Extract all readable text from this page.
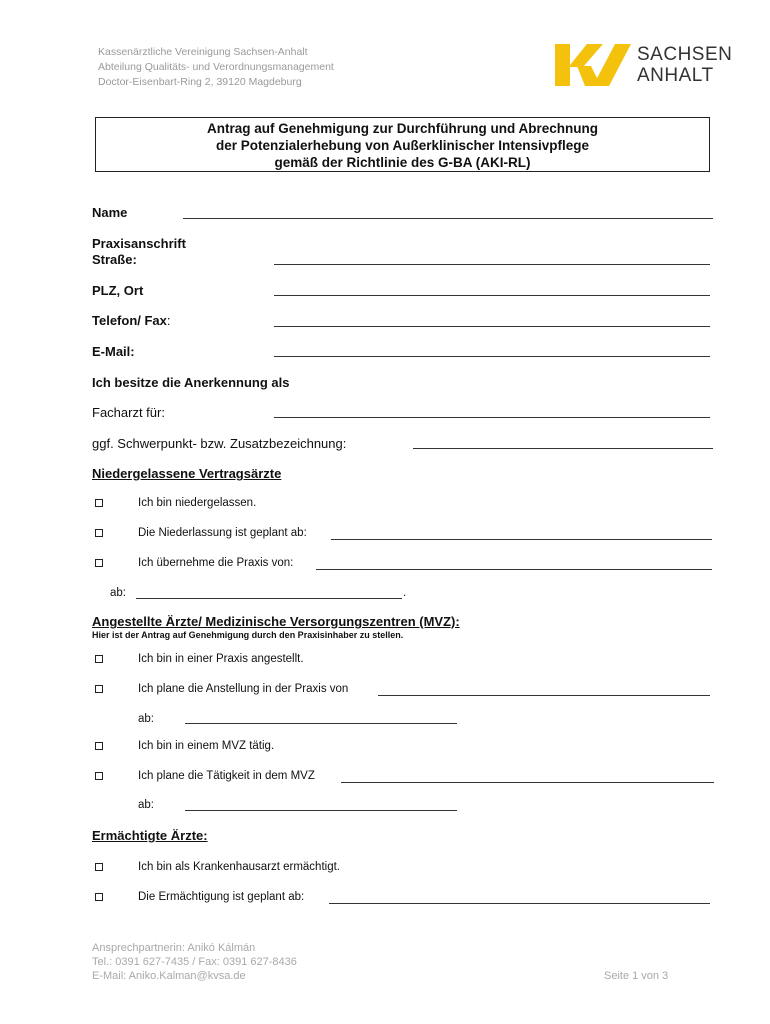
Kassenärztliche Vereinigung Sachsen-Anhalt
Abteilung Qualitäts- und Verordnungsmanagement
Doctor-Eisenbart-Ring 2, 39120 Magdeburg
SACHSEN
ANHALT
Antrag auf Genehmigung zur Durchführung und Abrechnung
der Potenzialerhebung von Außerklinischer Intensivpflege
gemäß der Richtlinie des G-BA (AKI-RL)
Name
Praxisanschrift
Straße:
PLZ, Ort
Telefon/ Fax:
E-Mail:
Ich besitze die Anerkennung als
Facharzt für:
ggf. Schwerpunkt- bzw. Zusatzbezeichnung:
Niedergelassene Vertragsärzte
Ich bin niedergelassen.
Die Niederlassung ist geplant ab:
Ich übernehme die Praxis von:
ab:	.
Angestellte Ärzte/ Medizinische Versorgungszentren (MVZ):
Hier ist der Antrag auf Genehmigung durch den Praxisinhaber zu stellen.
Ich bin in einer Praxis angestellt.
Ich plane die Anstellung in der Praxis von
ab:
Ich bin in einem MVZ tätig.
Ich plane die Tätigkeit in dem MVZ
ab:
Ermächtigte Ärzte:
Ich bin als Krankenhausarzt ermächtigt.
Die Ermächtigung ist geplant ab:
Ansprechpartnerin: Anikó Kálmán
Tel.: 0391 627-7435 / Fax: 0391 627-8436
E-Mail: Aniko.Kalman@kvsa.de	Seite 1 von 3
